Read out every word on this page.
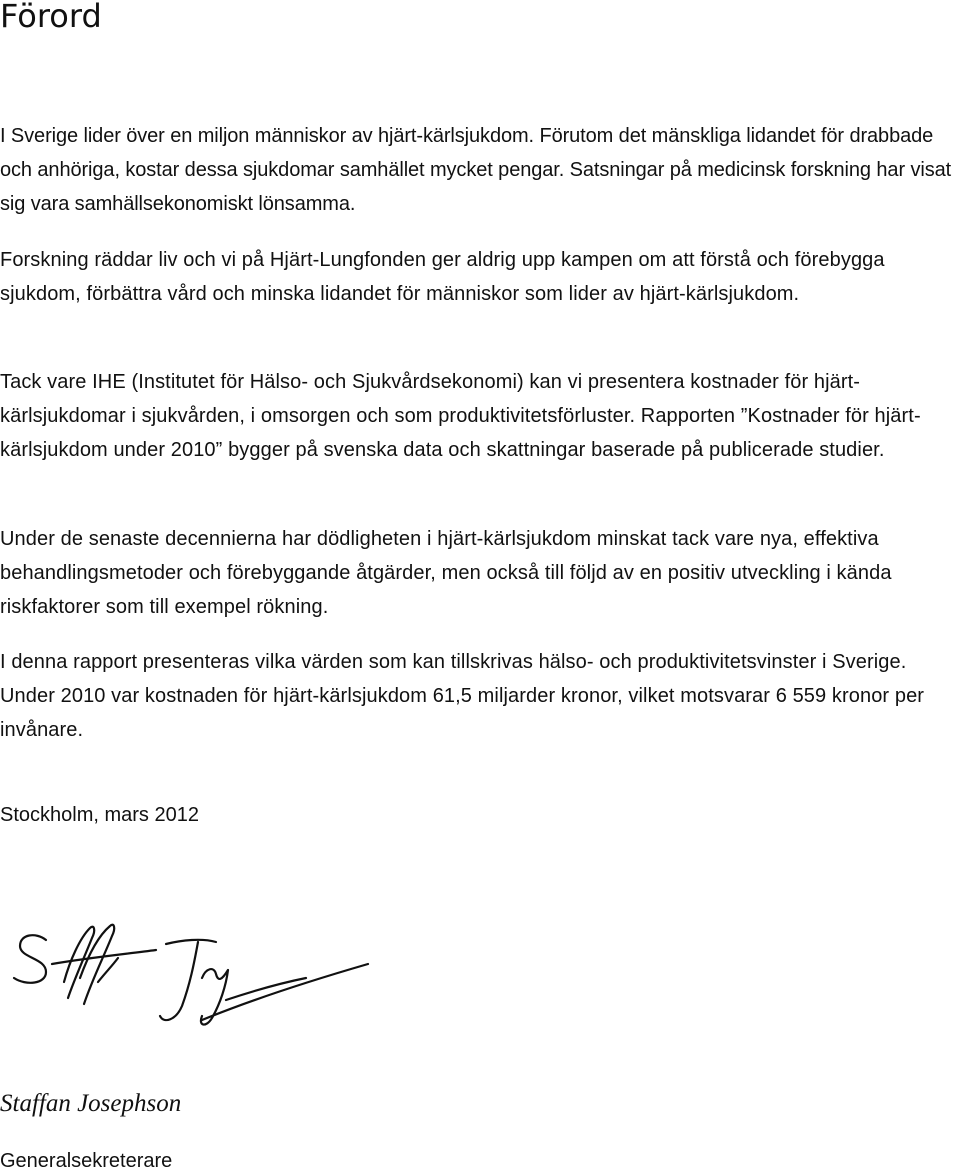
Förord

I Sverige lider över en miljon människor av hjärt-kärlsjukdom. Förutom det mänskliga lidandet för drabbade och anhöriga, kostar dessa sjukdomar samhället mycket pengar. Satsningar på medicinsk forskning har visat sig vara samhällsekonomiskt lönsamma.

Forskning räddar liv och vi på Hjärt-Lungfonden ger aldrig upp kampen om att förstå och förebygga sjukdom, förbättra vård och minska lidandet för människor som lider av hjärt-kärlsjukdom.

Tack vare IHE (Institutet för Hälso- och Sjukvårdsekonomi) kan vi presentera kostnader för hjärt-kärlsjukdomar i sjukvården, i omsorgen och som produktivitetsförluster. Rapporten ”Kostnader för hjärt-kärlsjukdom under 2010” bygger på svenska data och skattningar baserade på publicerade studier.

Under de senaste decennierna har dödligheten i hjärt-kärlsjukdom minskat tack vare nya, effektiva behandlingsmetoder och förebyggande åtgärder, men också till följd av en positiv utveckling i kända riskfaktorer som till exempel rökning.

I denna rapport presenteras vilka värden som kan tillskrivas hälso- och produktivitetsvinster i Sverige. Under 2010 var kostnaden för hjärt-kärlsjukdom 61,5 miljarder kronor, vilket motsvarar 6 559 kronor per invånare.

Stockholm, mars 2012

Staffan Josephson

Generalsekreterare
